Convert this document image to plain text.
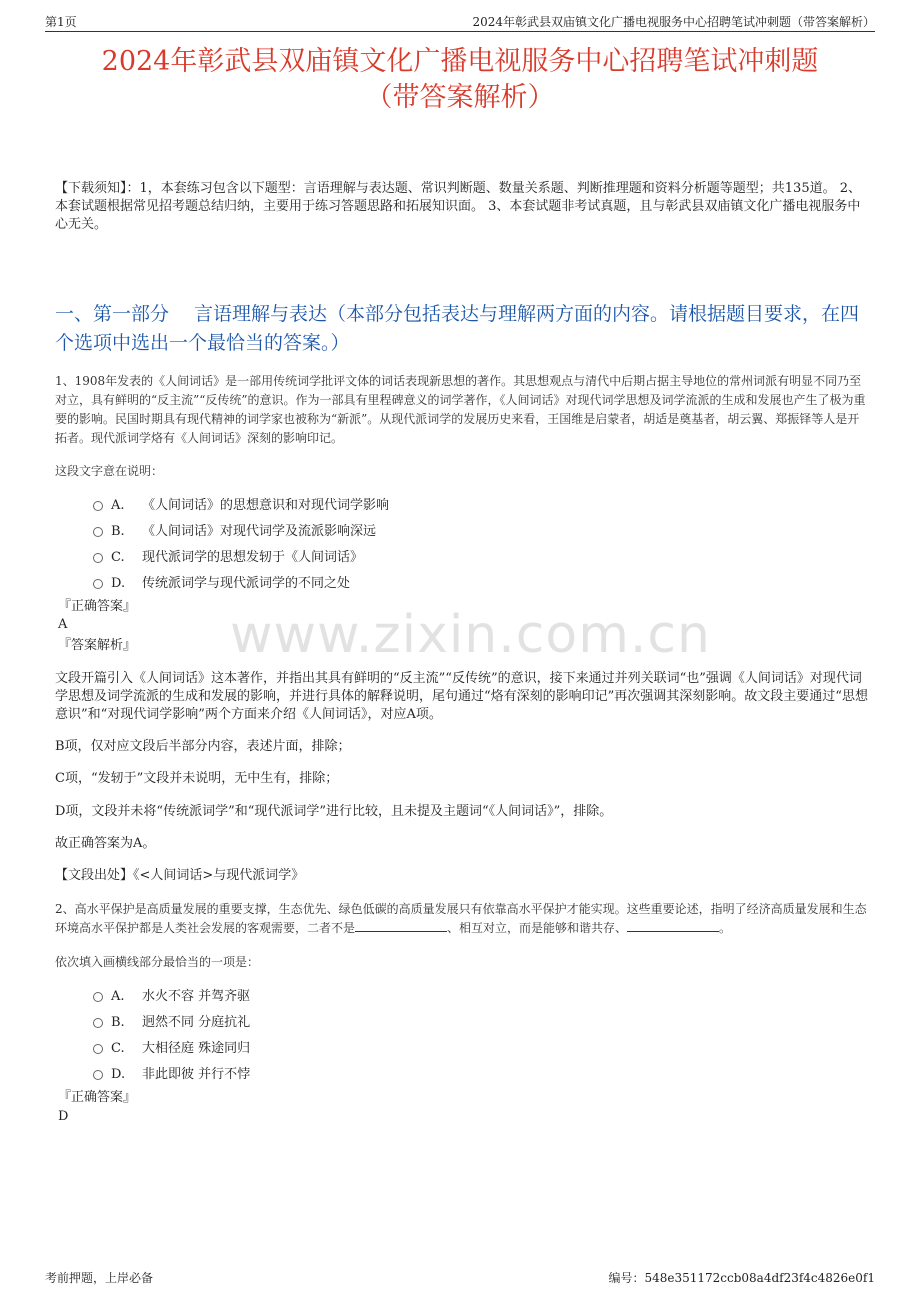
第1页	2024年彰武县双庙镇文化广播电视服务中心招聘笔试冲刺题（带答案解析）
2024年彰武县双庙镇文化广播电视服务中心招聘笔试冲刺题
（带答案解析）
【下载须知】：1，本套练习包含以下题型：言语理解与表达题、常识判断题、数量关系题、判断推理题和资料分析题等题型；共135道。 2、本套试题根据常见招考题总结归纳，主要用于练习答题思路和拓展知识面。 3、本套试题非考试真题，且与彰武县双庙镇文化广播电视服务中心无关。
一、第一部分　 言语理解与表达（本部分包括表达与理解两方面的内容。请根据题目要求，在四个选项中选出一个最恰当的答案。）
1、1908年发表的《人间词话》是一部用传统词学批评文体的词话表现新思想的著作。其思想观点与清代中后期占据主导地位的常州词派有明显不同乃至对立，具有鲜明的“反主流”“反传统”的意识。作为一部具有里程碑意义的词学著作，《人间词话》对现代词学思想及词学流派的生成和发展也产生了极为重要的影响。民国时期具有现代精神的词学家也被称为“新派”。从现代派词学的发展历史来看，王国维是启蒙者，胡适是奠基者，胡云翼、郑振铎等人是开拓者。现代派词学烙有《人间词话》深刻的影响印记。
这段文字意在说明：
A. 《人间词话》的思想意识和对现代词学影响
B. 《人间词话》对现代词学及流派影响深远
C. 现代派词学的思想发轫于《人间词话》
D. 传统派词学与现代派词学的不同之处
『正确答案』
A
『答案解析』
文段开篇引入《人间词话》这本著作，并指出其具有鲜明的“反主流”“反传统”的意识，接下来通过并列关联词“也”强调《人间词话》对现代词学思想及词学流派的生成和发展的影响，并进行具体的解释说明，尾句通过“烙有深刻的影响印记”再次强调其深刻影响。故文段主要通过“思想意识”和“对现代词学影响”两个方面来介绍《人间词话》，对应A项。
B项，仅对应文段后半部分内容，表述片面，排除；
C项，“发轫于”文段并未说明，无中生有，排除；
D项，文段并未将“传统派词学”和“现代派词学”进行比较，且未提及主题词“《人间词话》”，排除。
故正确答案为A。
【文段出处】《<人间词话>与现代派词学》
2、高水平保护是高质量发展的重要支撑，生态优先、绿色低碳的高质量发展只有依靠高水平保护才能实现。这些重要论述，指明了经济高质量发展和生态环境高水平保护都是人类社会发展的客观需要，二者不是	、相互对立，而是能够和谐共存、	。
依次填入画横线部分最恰当的一项是：
A. 水火不容 并驾齐驱
B. 迥然不同 分庭抗礼
C. 大相径庭 殊途同归
D. 非此即彼 并行不悖
『正确答案』
D
www.zixin.com.cn
考前押题，上岸必备	编号：548e351172ccb08a4df23f4c4826e0f1
